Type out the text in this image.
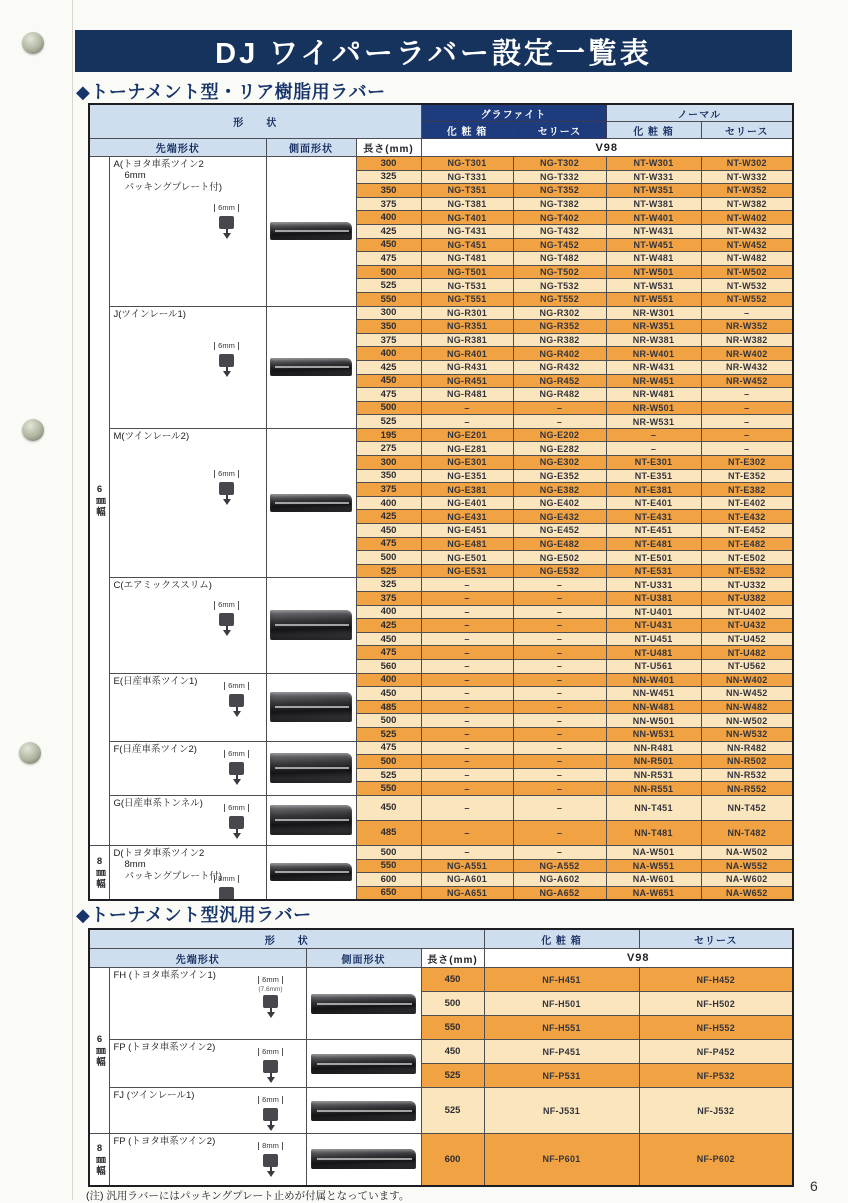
DJ ワイパーラバー設定一覧表
◆トーナメント型・リア樹脂用ラバー
形　　状				グラファイト		ノーマル	
				化 粧 箱	セリース	化 粧 箱	セリース
先端形状		側面形状	長さ(mm)	V98			

6㎜幅	A(トヨタ車系ツイン2
6mm
パッキングプレート付)
6mm		300	NG-T301	NG-T302	NT-W301	NT-W302
			325	NG-T331	NG-T332	NT-W331	NT-W332
			350	NG-T351	NG-T352	NT-W351	NT-W352
			375	NG-T381	NG-T382	NT-W381	NT-W382
			400	NG-T401	NG-T402	NT-W401	NT-W402
			425	NG-T431	NG-T432	NT-W431	NT-W432
			450	NG-T451	NG-T452	NT-W451	NT-W452
			475	NG-T481	NG-T482	NT-W481	NT-W482
			500	NG-T501	NG-T502	NT-W501	NT-W502
			525	NG-T531	NG-T532	NT-W531	NT-W532
			550	NG-T551	NG-T552	NT-W551	NT-W552

	J(ツインレール1)
6mm		300	NG-R301	NG-R302	NR-W301	–
			350	NG-R351	NG-R352	NR-W351	NR-W352
			375	NG-R381	NG-R382	NR-W381	NR-W382
			400	NG-R401	NG-R402	NR-W401	NR-W402
			425	NG-R431	NG-R432	NR-W431	NR-W432
			450	NG-R451	NG-R452	NR-W451	NR-W452
			475	NG-R481	NG-R482	NR-W481	–
			500	–	–	NR-W501	–
			525	–	–	NR-W531	–

	M(ツインレール2)
6mm		195	NG-E201	NG-E202	–	–
			275	NG-E281	NG-E282	–	–
			300	NG-E301	NG-E302	NT-E301	NT-E302
			350	NG-E351	NG-E352	NT-E351	NT-E352
			375	NG-E381	NG-E382	NT-E381	NT-E382
			400	NG-E401	NG-E402	NT-E401	NT-E402
			425	NG-E431	NG-E432	NT-E431	NT-E432
			450	NG-E451	NG-E452	NT-E451	NT-E452
			475	NG-E481	NG-E482	NT-E481	NT-E482
			500	NG-E501	NG-E502	NT-E501	NT-E502
			525	NG-E531	NG-E532	NT-E531	NT-E532

	C(エアミックススリム)
6mm		325	–	–	NT-U331	NT-U332
			375	–	–	NT-U381	NT-U382
			400	–	–	NT-U401	NT-U402
			425	–	–	NT-U431	NT-U432
			450	–	–	NT-U451	NT-U452
			475	–	–	NT-U481	NT-U482
			560	–	–	NT-U561	NT-U562

	E(日産車系ツイン1) 6mm		400	–	–	NN-W401	NN-W402
			450	–	–	NN-W451	NN-W452
			485	–	–	NN-W481	NN-W482
			500	–	–	NN-W501	NN-W502
			525	–	–	NN-W531	NN-W532

	F(日産車系ツイン2) 6mm		475	–	–	NN-R481	NN-R482
			500	–	–	NN-R501	NN-R502
			525	–	–	NN-R531	NN-R532
			550	–	–	NN-R551	NN-R552

	G(日産車系トンネル) 6mm		450	–	–	NN-T451	NN-T452
			485	–	–	NN-T481	NN-T482

8㎜幅	D(トヨタ車系ツイン2
8mm
パッキングプレート付)
8mm		500	–	–	NA-W501	NA-W502
			550	NG-A551	NG-A552	NA-W551	NA-W552
			600	NG-A601	NG-A602	NA-W601	NA-W602
			650	NG-A651	NG-A652	NA-W651	NA-W652
◆トーナメント型汎用ラバー
形　　状				化 粧 箱	セリース
先端形状		側面形状	長さ(mm)	V98	

6㎜幅	FH (トヨタ車系ツイン1) 6mm
(7.6mm)		450	NF-H451	NF-H452
			500	NF-H501	NF-H502
			550	NF-H551	NF-H552

	FP (トヨタ車系ツイン2) 6mm		450	NF-P451	NF-P452
			525	NF-P531	NF-P532

	FJ (ツインレール1) 6mm		525	NF-J531	NF-J532

8㎜幅	FP (トヨタ車系ツイン2) 8mm		600	NF-P601	NF-P602
(注) 汎用ラバーにはパッキングプレート止めが付属となっています。
6
